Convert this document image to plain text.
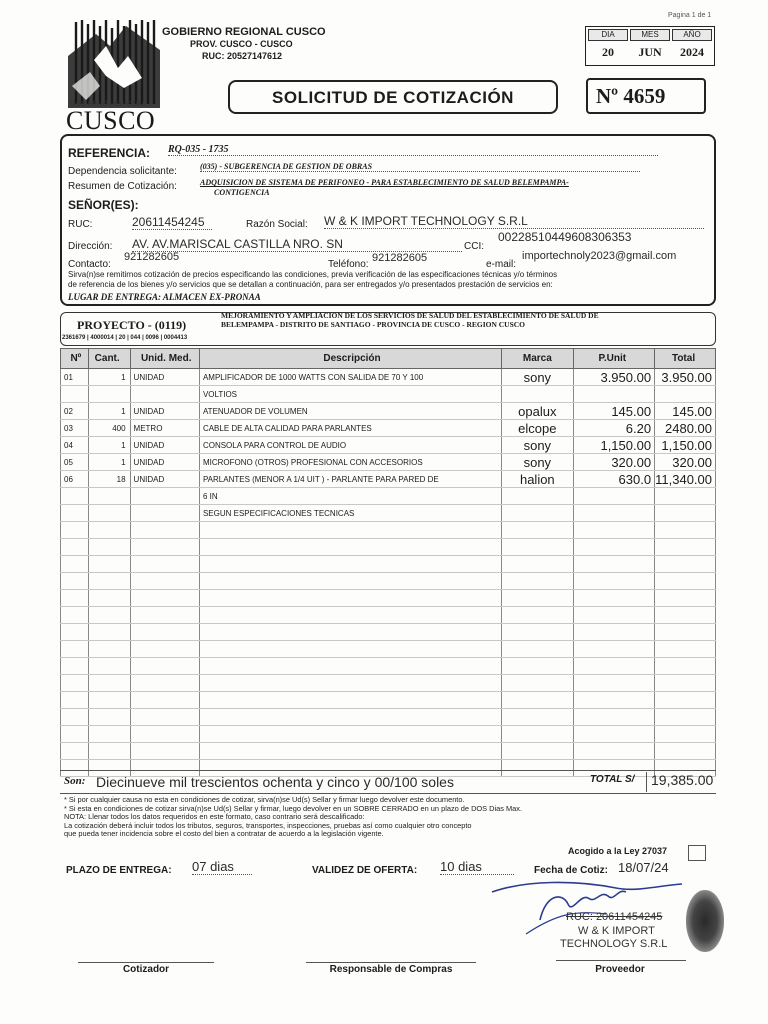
Pagina 1 de 1
GOBIERNO REGIONAL
CUSCO
GOBIERNO REGIONAL CUSCO
PROV. CUSCO - CUSCO
RUC: 20527147612
DIA	MES	AÑO
20	JUN	2024
SOLICITUD DE COTIZACIÓN	Nº 4659
REFERENCIA: RQ-035 - 1735
Dependencia solicitante:	(035) - SUBGERENCIA DE GESTION DE OBRAS
Resumen de Cotización:	ADQUISICION DE SISTEMA DE PERIFONEO - PARA ESTABLECIMIENTO DE SALUD BELEMPAMPA-
CONTIGENCIA
SEÑOR(ES):
RUC:	20611454245	Razón Social: W & K IMPORT TECHNOLOGY S.R.L
Dirección: AV. AV.MARISCAL CASTILLA NRO. SN	CCI:
00228510449608306353
Contacto:
921282605
Teléfono:
921282605
e-mail:
importechnoly2023@gmail.com
Sirva(n)se remitirnos cotización de precios especificando las condiciones, previa verificación de las especificaciones técnicas y/o términos
de referencia de los bienes y/o servicios que se detallan a continuación, para ser entregados y/o presentados prestación de servicios en:
LUGAR DE ENTREGA: ALMACEN EX-PRONAA
PROYECTO - (0119)
2361679 | 4000014 | 20 | 044 | 0096 | 0004413
MEJORAMIENTO Y AMPLIACION DE LOS SERVICIOS DE SALUD DEL ESTABLECIMIENTO DE SALUD DE
BELEMPAMPA - DISTRITO DE SANTIAGO - PROVINCIA DE CUSCO - REGION CUSCO
Nº	Cant.	Unid. Med.	Descripción	Marca	P.Unit	Total
01	1	UNIDAD	AMPLIFICADOR DE 1000 WATTS CON SALIDA DE 70 Y 100	sony	3.950.00	3.950.00
			VOLTIOS			
02	1	UNIDAD	ATENUADOR DE VOLUMEN	opalux	145.00	145.00
03	400	METRO	CABLE DE ALTA CALIDAD PARA PARLANTES	elcope	6.20	2480.00
04	1	UNIDAD	CONSOLA PARA CONTROL DE AUDIO	sony	1,150.00	1,150.00
05	1	UNIDAD	MICROFONO (OTROS) PROFESIONAL CON ACCESORIOS	sony	320.00	320.00
06	18	UNIDAD	PARLANTES (MENOR A 1/4 UIT ) - PARLANTE PARA PARED DE	halion	630.0	11,340.00
			6 IN			
			SEGUN ESPECIFICACIONES TECNICAS			

Son: Diecinueve mil trescientos ochenta y cinco y 00/100 soles	TOTAL S/	19,385.00
* Si por cualquier causa no esta en condiciones de cotizar, sirva(n)se Ud(s) Sellar y firmar luego devolver este documento.
* Si esta en condiciones de cotizar sirva(n)se Ud(s) Sellar y firmar, luego devolver en un SOBRE CERRADO en un plazo de DOS Dias Max.
NOTA: Llenar todos los datos requeridos en este formato, caso contrario será descalificado:
La cotización deberá incluir todos los tributos, seguros, transportes, inspecciones, pruebas así como cualquier otro concepto
que pueda tener incidencia sobre el costo del bien a contratar de acuerdo a la legislación vigente.
Acogido a la Ley 27037
PLAZO DE ENTREGA: 07 dias	VALIDEZ DE OFERTA: 10 dias	Fecha de Cotiz: 18/07/24
RUC: 20611454245
W & K IMPORT
TECHNOLOGY S.R.L
Cotizador	Responsable de Compras	Proveedor
